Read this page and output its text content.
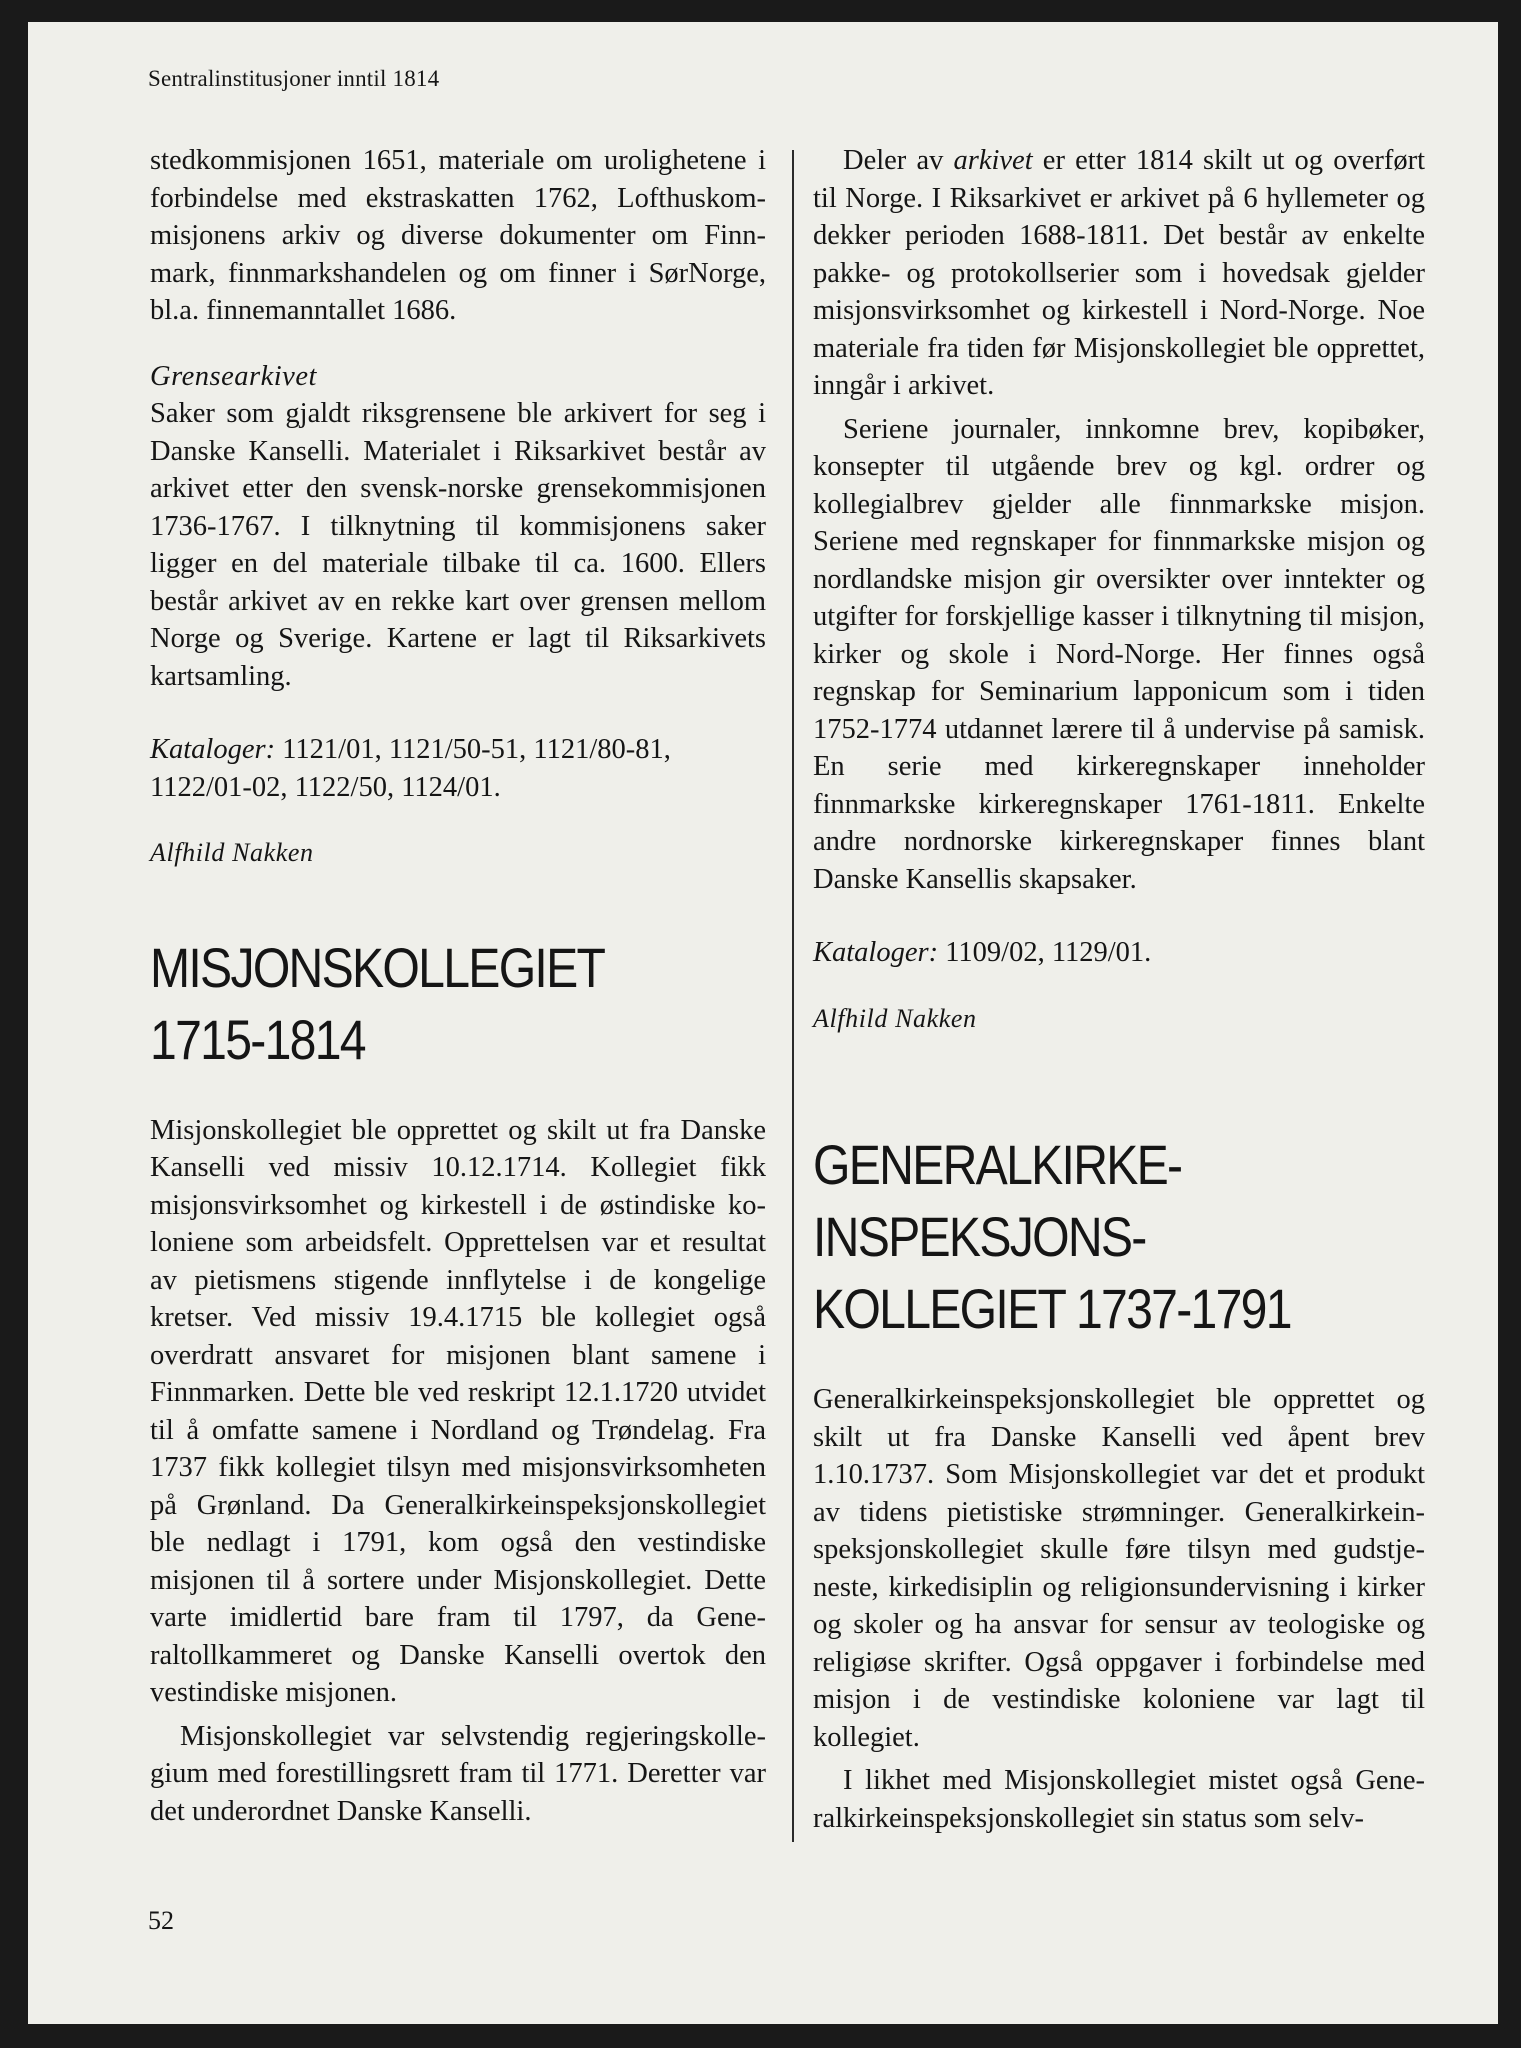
Sentralinstitusjoner inntil 1814

stedkommisjonen 1651, materiale om urolighetene i forbindelse med ekstraskatten 1762, Lofthuskommisjonens arkiv og diverse dokumenter om Finnmark, finnmarkshandelen og om finner i SørNorge, bl.a. finnemanntallet 1686.

Grensearkivet

Saker som gjaldt riksgrensene ble arkivert for seg i Danske Kanselli. Materialet i Riksarkivet består av arkivet etter den svensk-norske grensekommisjonen 1736-1767. I tilknytning til kommisjonens saker ligger en del materiale tilbake til ca. 1600. Ellers består arkivet av en rekke kart over grensen mellom Norge og Sverige. Kartene er lagt til Riksarkivets kartsamling.

Kataloger: 1121/01, 1121/50-51, 1121/80-81, 1122/01-02, 1122/50, 1124/01.

Alfhild Nakken

MISJONSKOLLEGIET
1715-1814

Misjonskollegiet ble opprettet og skilt ut fra Danske Kanselli ved missiv 10.12.1714. Kollegiet fikk misjonsvirksomhet og kirkestell i de østindiske koloniene som arbeidsfelt. Opprettelsen var et resultat av pietismens stigende innflytelse i de kongelige kretser. Ved missiv 19.4.1715 ble kollegiet også overdratt ansvaret for misjonen blant samene i Finnmarken. Dette ble ved reskript 12.1.1720 utvidet til å omfatte samene i Nordland og Trøndelag. Fra 1737 fikk kollegiet tilsyn med misjonsvirksomheten på Grønland. Da Generalkirkeinspeksjonskollegiet ble nedlagt i 1791, kom også den vestindiske misjonen til å sortere under Misjonskollegiet. Dette varte imidlertid bare fram til 1797, da Generaltollkammeret og Danske Kanselli overtok den vestindiske misjonen.

Misjonskollegiet var selvstendig regjeringskollegium med forestillingsrett fram til 1771. Deretter var det underordnet Danske Kanselli.

Deler av arkivet er etter 1814 skilt ut og overført til Norge. I Riksarkivet er arkivet på 6 hyllemeter og dekker perioden 1688-1811. Det består av enkelte pakke- og protokollserier som i hovedsak gjelder misjonsvirksomhet og kirkestell i Nord-Norge. Noe materiale fra tiden før Misjonskollegiet ble opprettet, inngår i arkivet.

Seriene journaler, innkomne brev, kopibøker, konsepter til utgående brev og kgl. ordrer og kollegialbrev gjelder alle finnmarkske misjon. Seriene med regnskaper for finnmarkske misjon og nordlandske misjon gir oversikter over inntekter og utgifter for forskjellige kasser i tilknytning til misjon, kirker og skole i Nord-Norge. Her finnes også regnskap for Seminarium lapponicum som i tiden 1752-1774 utdannet lærere til å undervise på samisk. En serie med kirkeregnskaper inneholder finnmarkske kirkeregnskaper 1761-1811. Enkelte andre nordnorske kirkeregnskaper finnes blant Danske Kansellis skapsaker.

Kataloger: 1109/02, 1129/01.

Alfhild Nakken

GENERALKIRKE-
INSPEKSJONS-
KOLLEGIET 1737-1791

Generalkirkeinspeksjonskollegiet ble opprettet og skilt ut fra Danske Kanselli ved åpent brev 1.10.1737. Som Misjonskollegiet var det et produkt av tidens pietistiske strømninger. Generalkirkeinspeksjonskollegiet skulle føre tilsyn med gudstjeneste, kirkedisiplin og religionsundervisning i kirker og skoler og ha ansvar for sensur av teologiske og religiøse skrifter. Også oppgaver i forbindelse med misjon i de vestindiske koloniene var lagt til kollegiet.

I likhet med Misjonskollegiet mistet også Generalkirkeinspeksjonskollegiet sin status som selv-

52
